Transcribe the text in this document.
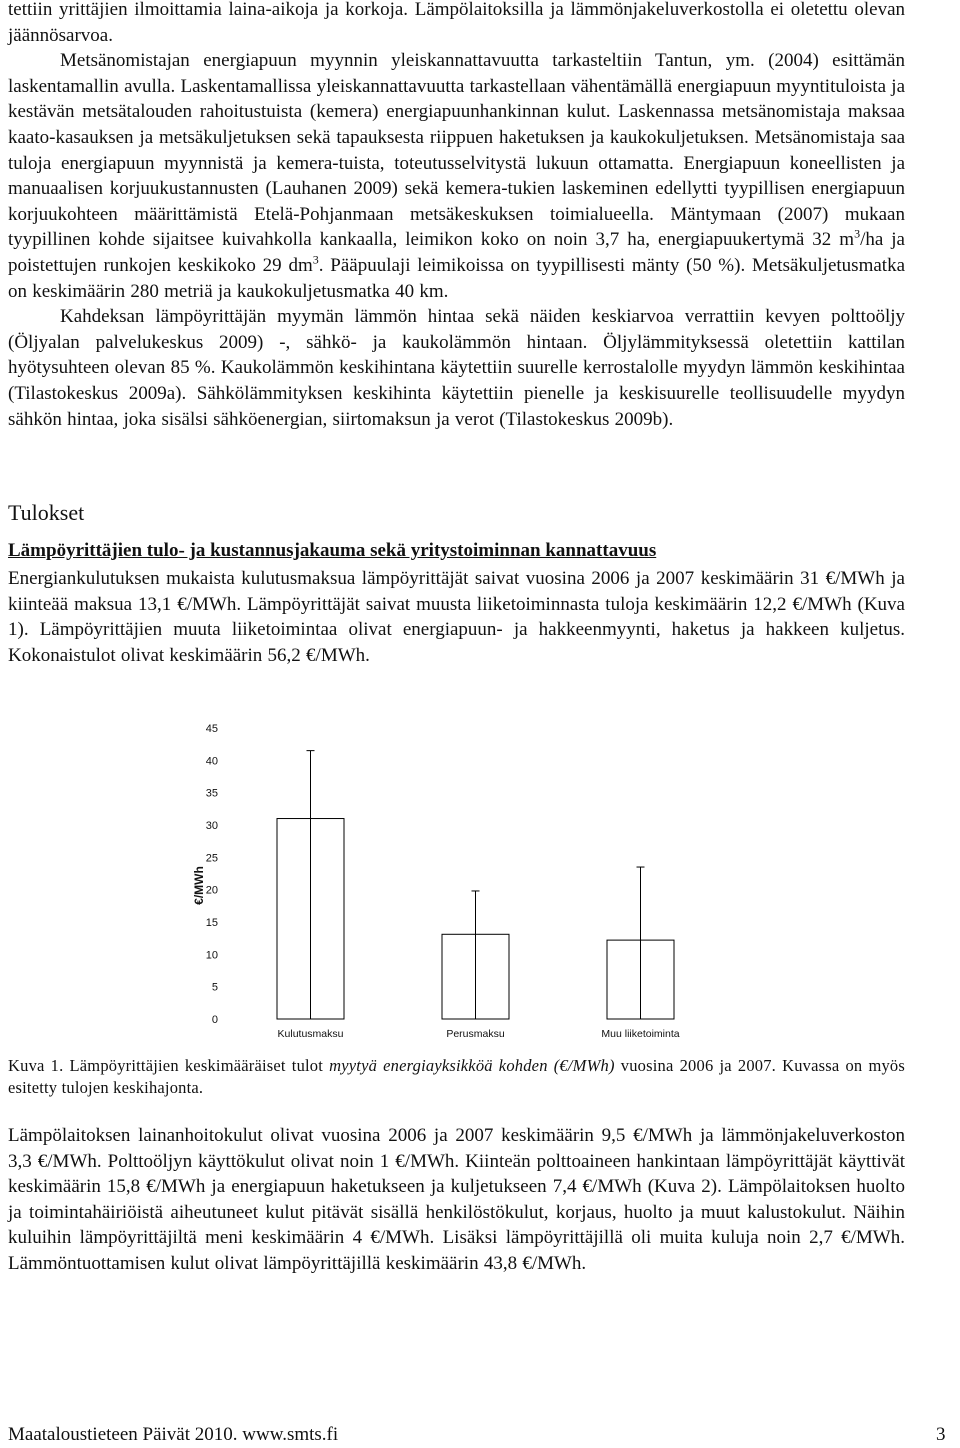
tettiin yrittäjien ilmoittamia laina-aikoja ja korkoja. Lämpölaitoksilla ja lämmönjakeluverkostolla ei oletettu olevan jäännösarvoa.

Metsänomistajan energiapuun myynnin yleiskannattavuutta tarkasteltiin Tantun, ym. (2004) esittämän laskentamallin avulla. Laskentamallissa yleiskannattavuutta tarkastellaan vähentämällä energiapuun myyntituloista ja kestävän metsätalouden rahoitustuista (kemera) energiapuunhankinnan kulut. Laskennassa metsänomistaja maksaa kaato-kasauksen ja metsäkuljetuksen sekä tapauksesta riippuen haketuksen ja kaukokuljetuksen. Metsänomistaja saa tuloja energiapuun myynnistä ja kemera-tuista, toteutusselvitystä lukuun ottamatta. Energiapuun koneellisten ja manuaalisen korjuukustannusten (Lauhanen 2009) sekä kemera-tukien laskeminen edellytti tyypillisen energiapuun korjuukohteen määrittämistä Etelä-Pohjanmaan metsäkeskuksen toimialueella. Mäntymaan (2007) mukaan tyypillinen kohde sijaitsee kuivahkolla kankaalla, leimikon koko on noin 3,7 ha, energiapuukertymä 32 $m^3/ha$ ja poistettujen runkojen keskikoko 29 $dm^3$. Pääpuulaji leimikoissa on tyypillisesti mänty (50 %). Metsäkuljetusmatka on keskimäärin 280 metriä ja kaukokuljetusmatka 40 km.

Kahdeksan lämpöyrittäjän myymän lämmön hintaa sekä näiden keskiarvoa verrattiin kevyen polttoöljy (Öljyalan palvelukeskus 2009) -, sähkö- ja kaukolämmön hintaan. Öljylämmityksessä oletettiin kattilan hyötysuhteen olevan 85 %. Kaukolämmön keskihintana käytettiin suurelle kerrostalolle myydyn lämmön keskihintaa (Tilastokeskus 2009a). Sähkölämmityksen keskihinta käytettiin pienelle ja keskisuurelle teollisuudelle myydyn sähkön hintaa, joka sisälsi sähköenergian, siirtomaksun ja verot (Tilastokeskus 2009b).

Tulokset

Lämpöyrittäjien tulo- ja kustannusjakauma sekä yritystoiminnan kannattavuus

Energiankulutuksen mukaista kulutusmaksua lämpöyrittäjät saivat vuosina 2006 ja 2007 keskimäärin 31 €/MWh ja kiinteää maksua 13,1 €/MWh. Lämpöyrittäjät saivat muusta liiketoiminnasta tuloja keskimäärin 12,2 €/MWh (Kuva 1). Lämpöyrittäjien muuta liiketoimintaa olivat energiapuun- ja hakkeenmyynti, haketus ja hakkeen kuljetus. Kokonaistulot olivat keskimäärin 56,2 €/MWh.

0
5
10
15
20
25
30
35
40
45
€/MWh
Kulutusmaksu	Perusmaksu	Muu liiketoiminta

Kuva 1. Lämpöyrittäjien keskimääräiset tulot myytyä energiayksikköä kohden (€/MWh) vuosina 2006 ja 2007. Kuvassa on myös esitetty tulojen keskihajonta.

Lämpölaitoksen lainanhoitokulut olivat vuosina 2006 ja 2007 keskimäärin 9,5 €/MWh ja lämmönjakeluverkoston 3,3 €/MWh. Polttoöljyn käyttökulut olivat noin 1 €/MWh. Kiinteän polttoaineen hankintaan lämpöyrittäjät käyttivät keskimäärin 15,8 €/MWh ja energiapuun haketukseen ja kuljetukseen 7,4 €/MWh (Kuva 2). Lämpölaitoksen huolto ja toimintahäiriöistä aiheutuneet kulut pitävät sisällä henkilöstökulut, korjaus, huolto ja muut kalustokulut. Näihin kuluihin lämpöyrittäjiltä meni keskimäärin 4 €/MWh. Lisäksi lämpöyrittäjillä oli muita kuluja noin 2,7 €/MWh. Lämmöntuottamisen kulut olivat lämpöyrittäjillä keskimäärin 43,8 €/MWh.

Maataloustieteen Päivät 2010. www.smts.fi	3
